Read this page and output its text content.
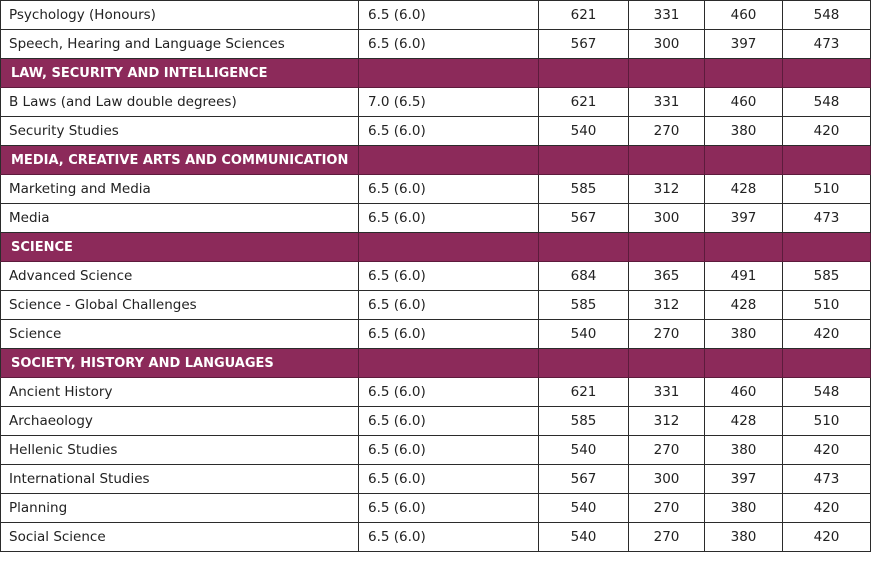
Psychology (Honours)	6.5 (6.0)	621	331	460	548
Speech, Hearing and Language Sciences	6.5 (6.0)	567	300	397	473
LAW, SECURITY AND INTELLIGENCE					
B Laws (and Law double degrees)	7.0 (6.5)	621	331	460	548
Security Studies	6.5 (6.0)	540	270	380	420
MEDIA, CREATIVE ARTS AND COMMUNICATION					
Marketing and Media	6.5 (6.0)	585	312	428	510
Media	6.5 (6.0)	567	300	397	473
SCIENCE					
Advanced Science	6.5 (6.0)	684	365	491	585
Science - Global Challenges	6.5 (6.0)	585	312	428	510
Science	6.5 (6.0)	540	270	380	420
SOCIETY, HISTORY AND LANGUAGES					
Ancient History	6.5 (6.0)	621	331	460	548
Archaeology	6.5 (6.0)	585	312	428	510
Hellenic Studies	6.5 (6.0)	540	270	380	420
International Studies	6.5 (6.0)	567	300	397	473
Planning	6.5 (6.0)	540	270	380	420
Social Science	6.5 (6.0)	540	270	380	420
